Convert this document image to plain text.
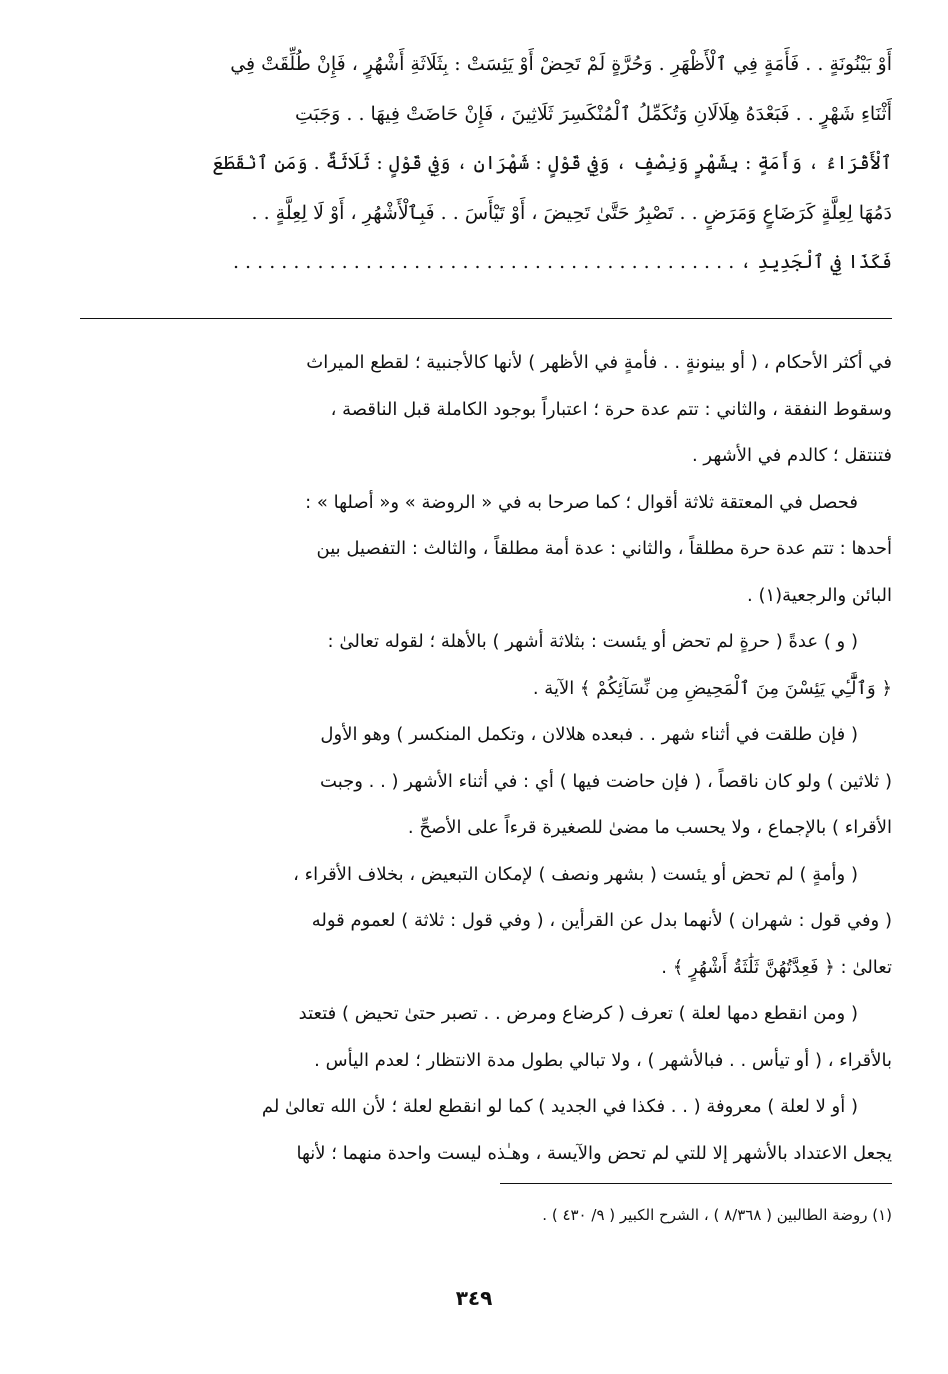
أَوْ بَيْنُونَةٍ . . فَأَمَةٍ فِي ٱلْأَظْهَرِ . وَحُرَّةٍ لَمْ تَحِضْ أَوْ يَئِسَتْ : بِثَلَاثَةِ أَشْهُرٍ ، فَإِنْ طُلِّقَتْ فِي
أَثْنَاءِ شَهْرٍ . . فَبَعْدَهُ هِلَالَانِ وَتُكَمِّلُ ٱلْمُنْكَسِرَ ثَلَاثِينَ ، فَإِنْ حَاضَتْ فِيهَا . . وَجَبَتِ
ٱلْأَقْرَاءُ ، وَأَمَةٍ : بِشَهْرٍ وَنِصْفٍ ، وَفِي قَوْلٍ : شَهْرَانِ ، وَفِي قَوْلٍ : ثَلَاثَةٌ . وَمَنِ ٱنْقَطَعَ
دَمُهَا لِعِلَّةٍ كَرَضَاعٍ وَمَرَضٍ . . تَصْبِرُ حَتَّىٰ تَحِيضَ ، أَوْ تَيْأَسَ . . فَبِٱلْأَشْهُرِ ، أَوْ لَا لِعِلَّةٍ . .
فَكَذَا فِي ٱلْجَدِيدِ ، . . . . . . . . . . . . . . . . . . . . . . . . . . . . . . . . . . . . . . . . . .
في أكثر الأحكام ، ( أو بينونةٍ . . فأمةٍ في الأظهر ) لأنها كالأجنبية ؛ لقطع الميراث
وسقوط النفقة ، والثاني : تتم عدة حرة ؛ اعتباراً بوجود الكاملة قبل الناقصة ،
فتنتقل ؛ كالدم في الأشهر .
فحصل في المعتقة ثلاثة أقوال ؛ كما صرحا به في « الروضة » و« أصلها » :
أحدها : تتم عدة حرة مطلقاً ، والثاني : عدة أمة مطلقاً ، والثالث : التفصيل بين
البائن والرجعية(١) .
( و ) عدةً ( حرةٍ لم تحض أو يئست : بثلاثة أشهر ) بالأهلة ؛ لقوله تعالىٰ :
﴿ وَٱلَّٰٓـِٔي يَئِسْنَ مِنَ ٱلْمَحِيضِ مِن نِّسَآئِكُمْ ﴾ الآية .
( فإن طلقت في أثناء شهر . . فبعده هلالان ، وتكمل المنكسر ) وهو الأول
( ثلاثين ) ولو كان ناقصاً ، ( فإن حاضت فيها ) أي : في أثناء الأشهر ( . . وجبت
الأقراء ) بالإجماع ، ولا يحسب ما مضىٰ للصغيرة قرءاً على الأصحِّ .
( وأمةٍ ) لم تحض أو يئست ( بشهر ونصف ) لإمكان التبعيض ، بخلاف الأقراء ،
( وفي قول : شهران ) لأنهما بدل عن القرأين ، ( وفي قول : ثلاثة ) لعموم قوله
تعالىٰ : ﴿ فَعِدَّتُهُنَّ ثَلَٰثَةُ أَشْهُرٍ ﴾ .
( ومن انقطع دمها لعلة ) تعرف ( كرضاع ومرض . . تصبر حتىٰ تحيض ) فتعتد
بالأقراء ، ( أو تيأس . . فبالأشهر ) ، ولا تبالي بطول مدة الانتظار ؛ لعدم اليأس .
( أو لا لعلة ) معروفة ( . . فكذا في الجديد ) كما لو انقطع لعلة ؛ لأن الله تعالىٰ لم
يجعل الاعتداد بالأشهر إلا للتي لم تحض والآيسة ، وهـٰذه ليست واحدة منهما ؛ لأنها
(١) روضة الطالبين ( ٨/٣٦٨ ) ، الشرح الكبير ( ٩/ ٤٣٠ ) .
٣٤٩
